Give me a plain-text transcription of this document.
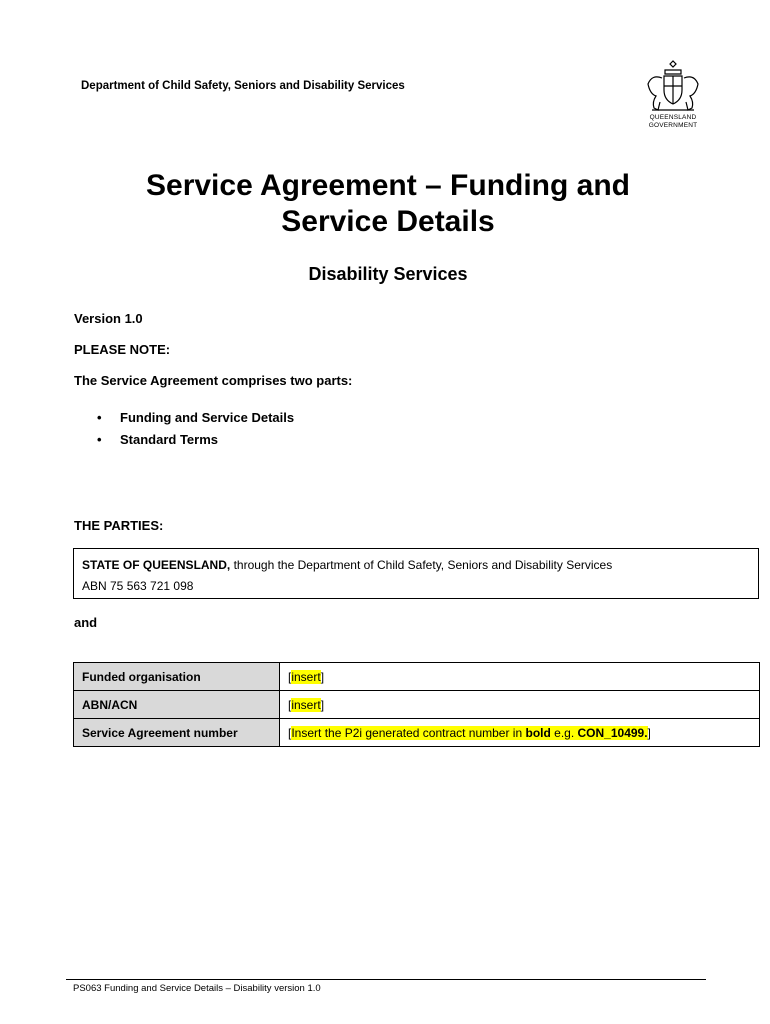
Department of Child Safety, Seniors and Disability Services
QUEENSLAND
GOVERNMENT
Service Agreement – Funding and
Service Details
Disability Services
Version 1.0
PLEASE NOTE:
The Service Agreement comprises two parts:
• Funding and Service Details
• Standard Terms
THE PARTIES:
STATE OF QUEENSLAND, through the Department of Child Safety, Seniors and Disability Services
ABN 75 563 721 098
and
Funded organisation	[insert]
ABN/ACN	[insert]
Service Agreement number	[Insert the P2i generated contract number in bold e.g. CON_10499.]
PS063 Funding and Service Details – Disability version 1.0
